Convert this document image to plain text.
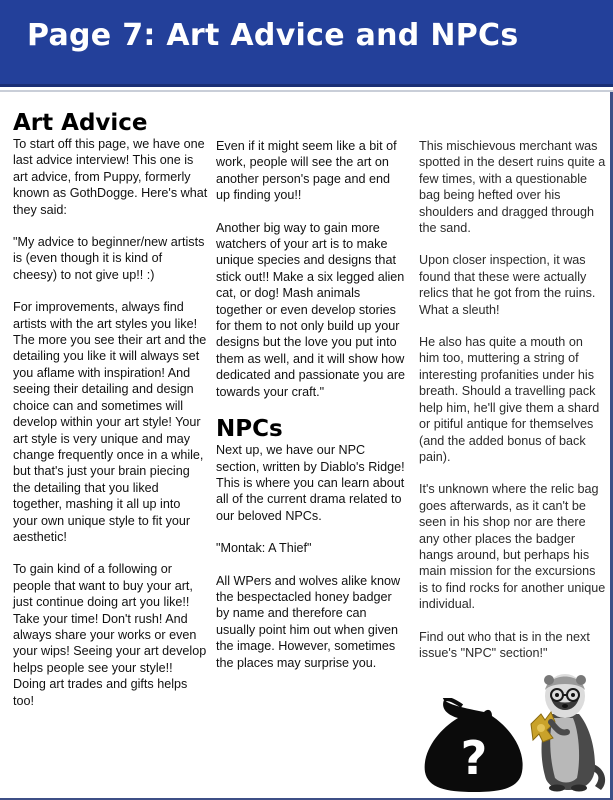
Page 7: Art Advice and NPCs
Art Advice

To start off this page, we have one last advice interview! This one is art advice, from Puppy, formerly known as GothDogge. Here's what they said:

"My advice to beginner/new artists is (even though it is kind of cheesy) to not give up!! :)

For improvements, always find artists with the art styles you like! The more you see their art and the detailing you like it will always set you aflame with inspiration! And seeing their detailing and design choice can and sometimes will develop within your art style! Your art style is very unique and may change frequently once in a while, but that's just your brain piecing the detailing that you liked together, mashing it all up into your own unique style to fit your aesthetic!

To gain kind of a following or people that want to buy your art, just continue doing art you like!! Take your time! Don't rush! And always share your works or even your wips! Seeing your art develop helps people see your style!! Doing art trades and gifts helps too!

Even if it might seem like a bit of work, people will see the art on another person's page and end up finding you!!

Another big way to gain more watchers of your art is to make unique species and designs that stick out!! Make a six legged alien cat, or dog! Mash animals together or even develop stories for them to not only build up your designs but the love you put into them as well, and it will show how dedicated and passionate you are towards your craft."

NPCs

Next up, we have our NPC section, written by Diablo's Ridge! This is where you can learn about all of the current drama related to our beloved NPCs.

"Montak: A Thief"

All WPers and wolves alike know the bespectacled honey badger by name and therefore can usually point him out when given the image. However, sometimes the places may surprise you.

This mischievous merchant was spotted in the desert ruins quite a few times, with a questionable bag being hefted over his shoulders and dragged through the sand.

Upon closer inspection, it was found that these were actually relics that he got from the ruins. What a sleuth!

He also has quite a mouth on him too, muttering a string of interesting profanities under his breath. Should a travelling pack help him, he'll give them a shard or pitiful antique for themselves (and the added bonus of back pain).

It's unknown where the relic bag goes afterwards, as it can't be seen in his shop nor are there any other places the badger hangs around, but perhaps his main mission for the excursions is to find rocks for another unique individual.

Find out who that is in the next issue's "NPC" section!"

?
